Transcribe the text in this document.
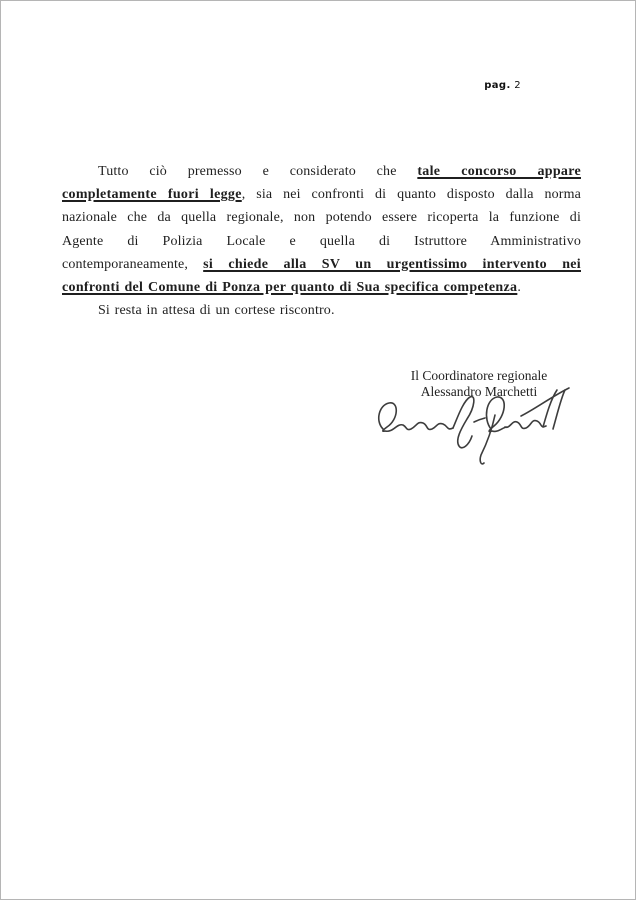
pag. 2
Tutto ciò premesso e considerato che tale concorso appare
completamente fuori legge, sia nei confronti di quanto disposto dalla norma
nazionale che da quella regionale, non potendo essere ricoperta la funzione di
Agente di Polizia Locale e quella di Istruttore Amministrativo
contemporaneamente, si chiede alla SV un urgentissimo intervento nei
confronti del Comune di Ponza per quanto di Sua specifica competenza.
Si resta in attesa di un cortese riscontro.
Il Coordinatore regionale
Alessandro Marchetti
